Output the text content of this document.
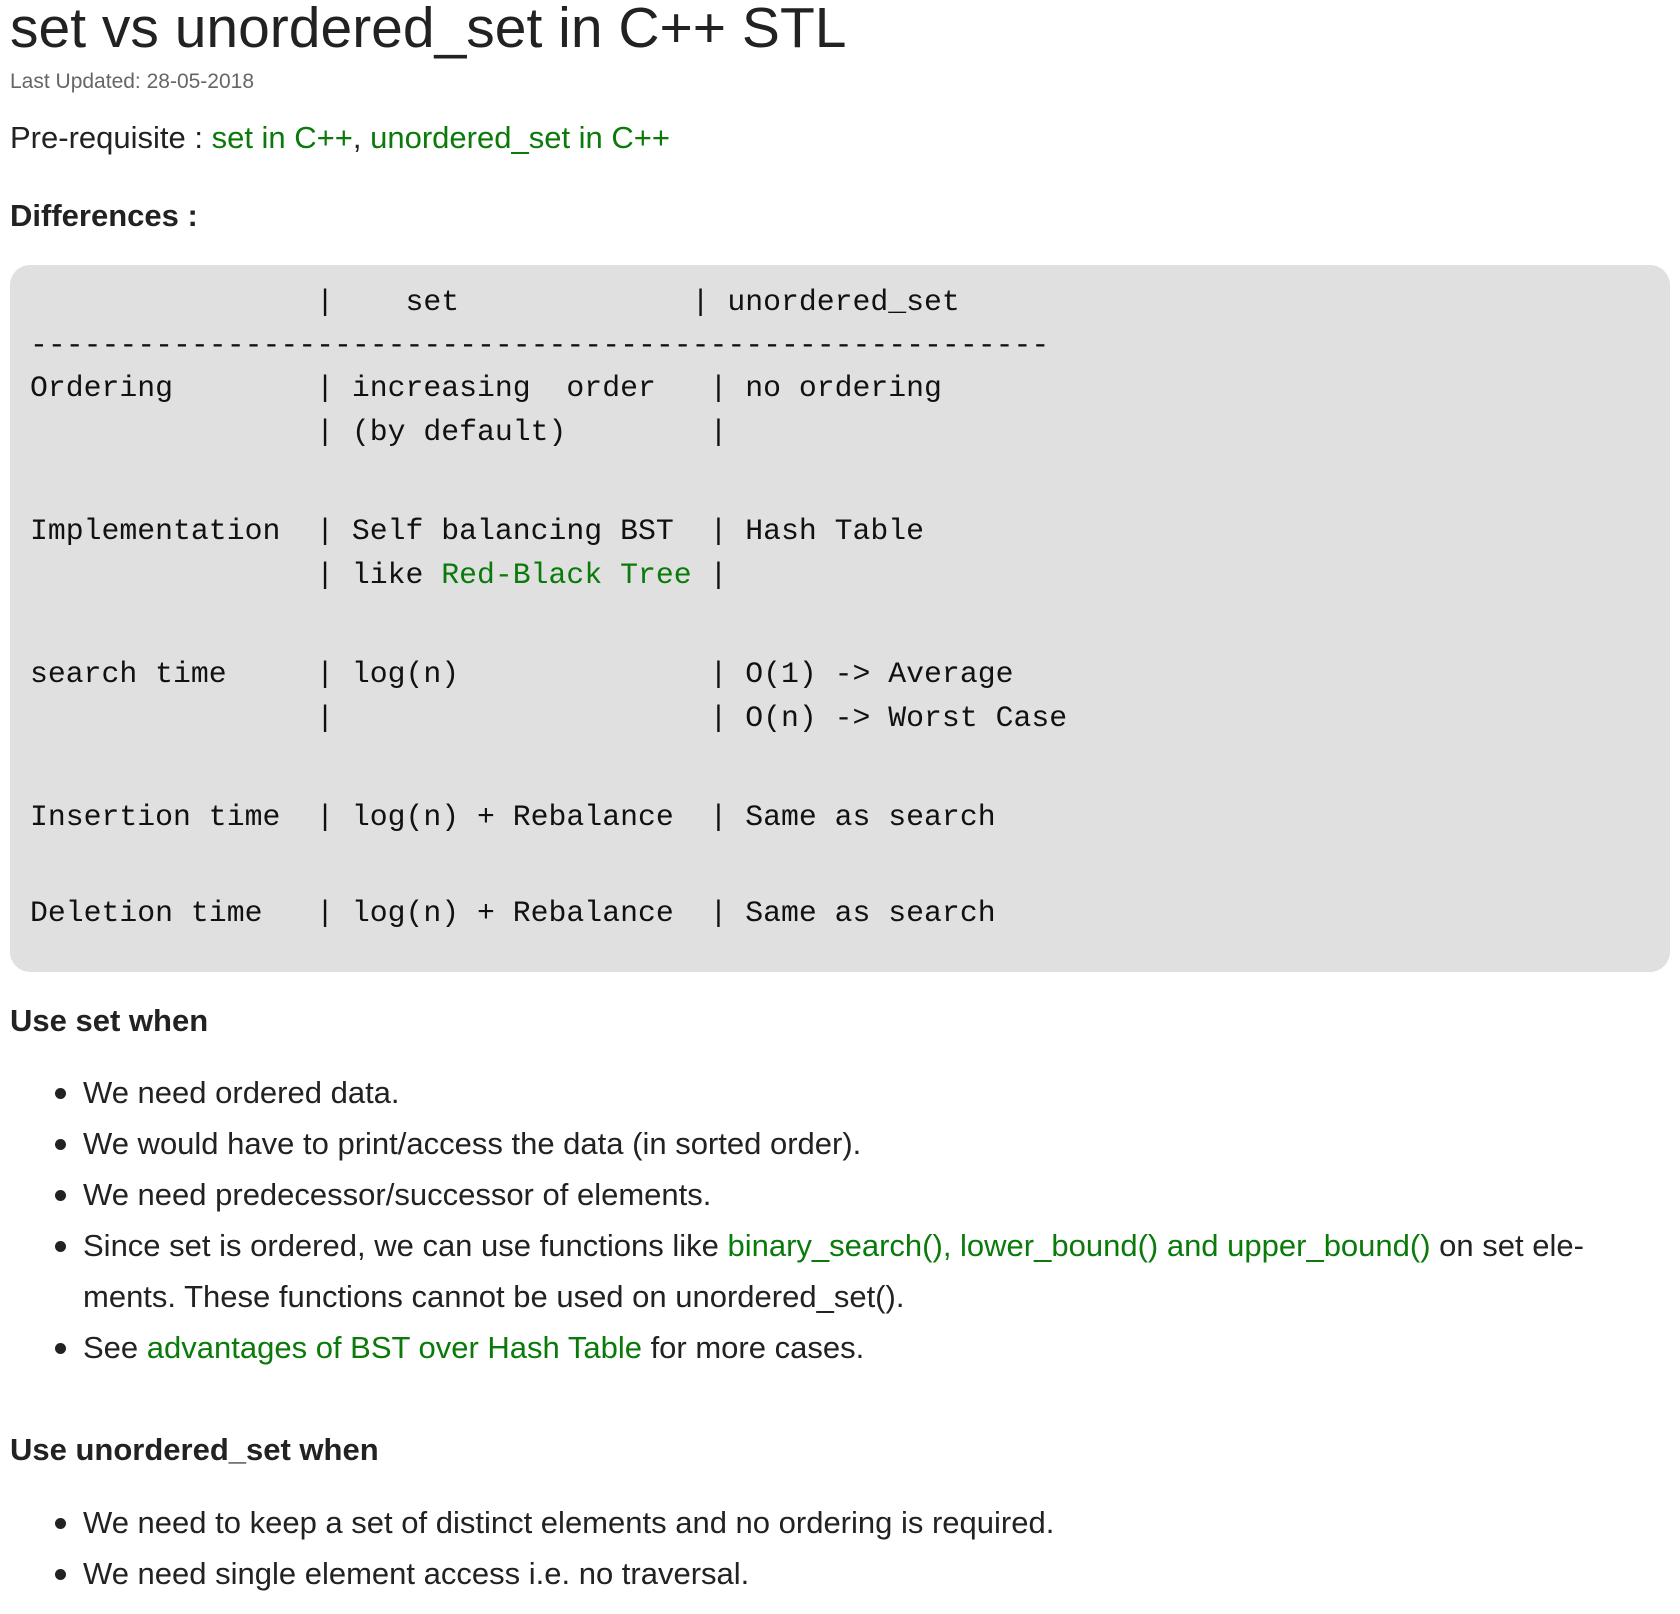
set vs unordered_set in C++ STL
Last Updated: 28-05-2018
Pre-requisite : set in C++, unordered_set in C++
Differences :
|    set             | unordered_set
---------------------------------------------------------
Ordering        | increasing  order   | no ordering
| (by default)        |
Implementation  | Self balancing BST  | Hash Table
| like Red-Black Tree |
search time     | log(n)              | O(1) -> Average
|                     | O(n) -> Worst Case
Insertion time  | log(n) + Rebalance  | Same as search
Deletion time   | log(n) + Rebalance  | Same as search
Use set when
We need ordered data.
We would have to print/access the data (in sorted order).
We need predecessor/successor of elements.
Since set is ordered, we can use functions like binary_search(), lower_bound() and upper_bound() on set ele-ments. These functions cannot be used on unordered_set().
See advantages of BST over Hash Table for more cases.
Use unordered_set when
We need to keep a set of distinct elements and no ordering is required.
We need single element access i.e. no traversal.
